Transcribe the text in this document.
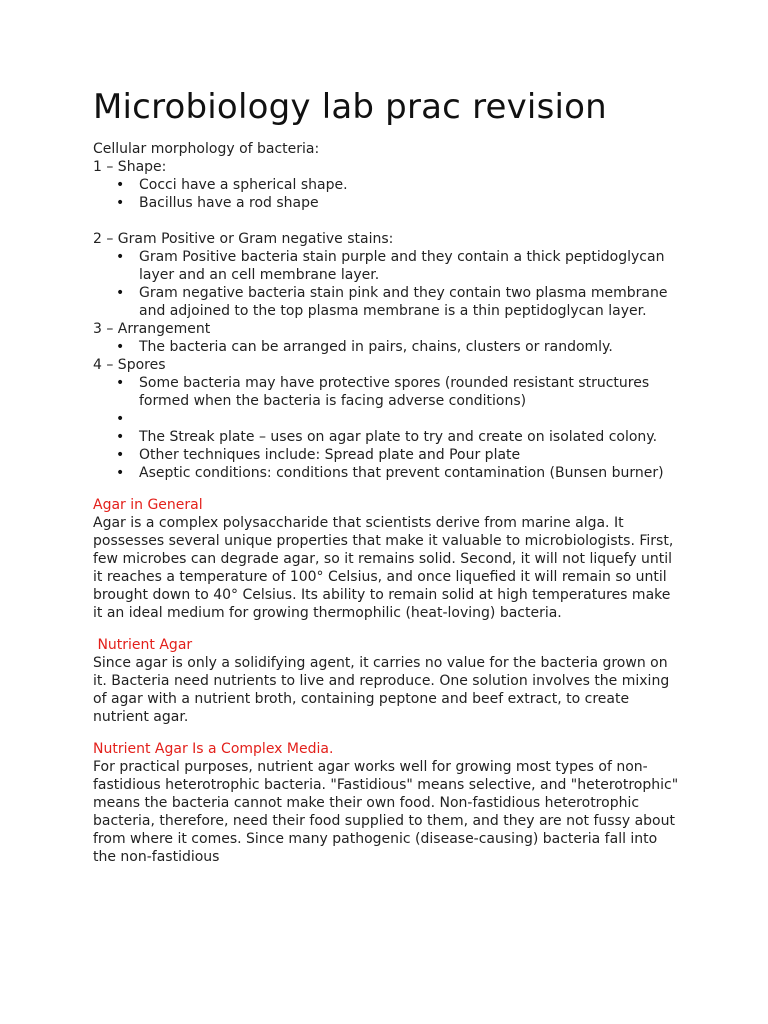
Microbiology lab prac revision

Cellular morphology of bacteria:

1 – Shape:

• Cocci have a spherical shape.
• Bacillus have a rod shape

2 – Gram Positive or Gram negative stains:

• Gram Positive bacteria stain purple and they contain a thick peptidoglycan layer and an cell membrane layer.
• Gram negative bacteria stain pink and they contain two plasma membrane and adjoined to the top plasma membrane is a thin peptidoglycan layer.

3 – Arrangement

• The bacteria can be arranged in pairs, chains, clusters or randomly.

4 – Spores

• Some bacteria may have protective spores (rounded resistant structures formed when the bacteria is facing adverse conditions)
•
• The Streak plate – uses on agar plate to try and create on isolated colony.
• Other techniques include: Spread plate and Pour plate
• Aseptic conditions: conditions that prevent contamination (Bunsen burner)

Agar in General

Agar is a complex polysaccharide that scientists derive from marine alga. It possesses several unique properties that make it valuable to microbiologists. First, few microbes can degrade agar, so it remains solid. Second, it will not liquefy until it reaches a temperature of 100° Celsius, and once liquefied it will remain so until brought down to 40° Celsius. Its ability to remain solid at high temperatures make it an ideal medium for growing thermophilic (heat-loving) bacteria.

Nutrient Agar

Since agar is only a solidifying agent, it carries no value for the bacteria grown on it. Bacteria need nutrients to live and reproduce. One solution involves the mixing of agar with a nutrient broth, containing peptone and beef extract, to create nutrient agar.

Nutrient Agar Is a Complex Media.

For practical purposes, nutrient agar works well for growing most types of non-fastidious heterotrophic bacteria. "Fastidious" means selective, and "heterotrophic" means the bacteria cannot make their own food. Non-fastidious heterotrophic bacteria, therefore, need their food supplied to them, and they are not fussy about from where it comes. Since many pathogenic (disease-causing) bacteria fall into the non-fastidious
